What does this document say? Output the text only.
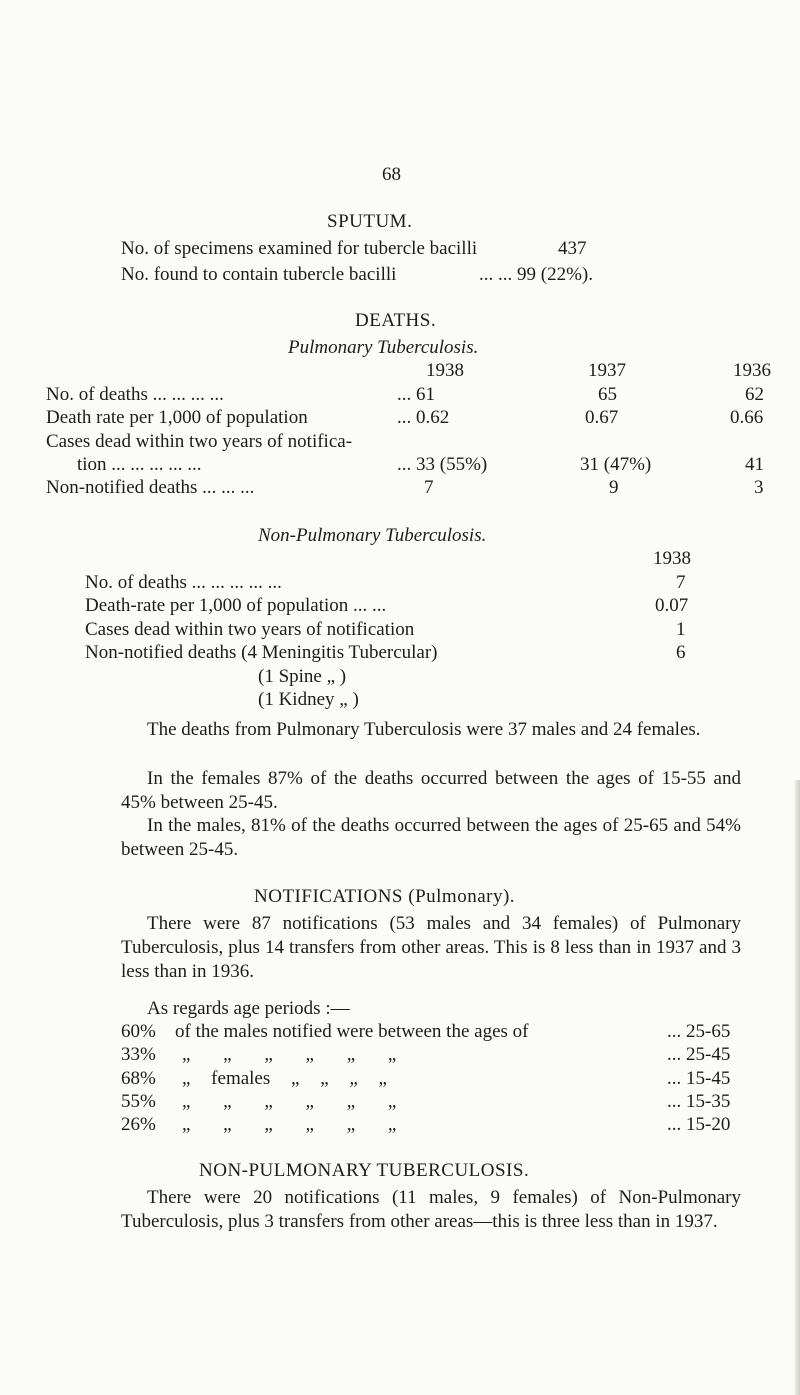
68
SPUTUM.
No. of specimens examined for tubercle bacilli	437
No. found to contain tubercle bacilli	... ... 99 (22%).
DEATHS.
Pulmonary Tuberculosis.
1938	1937	1936
No. of deaths ... ... ... ...	... 61	65	62
Death rate per 1,000 of population	... 0.62	0.67	0.66
Cases dead within two years of notifica-
tion ... ... ... ... ...	... 33 (55%)	31 (47%)	41
Non-notified deaths ... ... ...	7	9	3
Non-Pulmonary Tuberculosis.
1938
No. of deaths ... ... ... ... ...	7
Death-rate per 1,000 of population ... ...	0.07
Cases dead within two years of notification	1
Non-notified deaths (4 Meningitis Tubercular)	6
(1 Spine „ )
(1 Kidney „ )

The deaths from Pulmonary Tuberculosis were 37 males and 24 females.

In the females 87% of the deaths occurred between the ages of 15-55 and 45% between 25-45.

In the males, 81% of the deaths occurred between the ages of 25-65 and 54% between 25-45.

NOTIFICATIONS (Pulmonary).

There were 87 notifications (53 males and 34 females) of Pulmonary Tuberculosis, plus 14 transfers from other areas. This is 8 less than in 1937 and 3 less than in 1936.

As regards age periods :—
60% of the males notified were between the ages of	... 25-65
33% „ „ „ „ „ „	... 25-45
68% „ females „ „ „ „	... 15-45
55% „ „ „ „ „ „	... 15-35
26% „ „ „ „ „ „	... 15-20
NON-PULMONARY TUBERCULOSIS.

There were 20 notifications (11 males, 9 females) of Non-Pulmonary Tuberculosis, plus 3 transfers from other areas—this is three less than in 1937.
